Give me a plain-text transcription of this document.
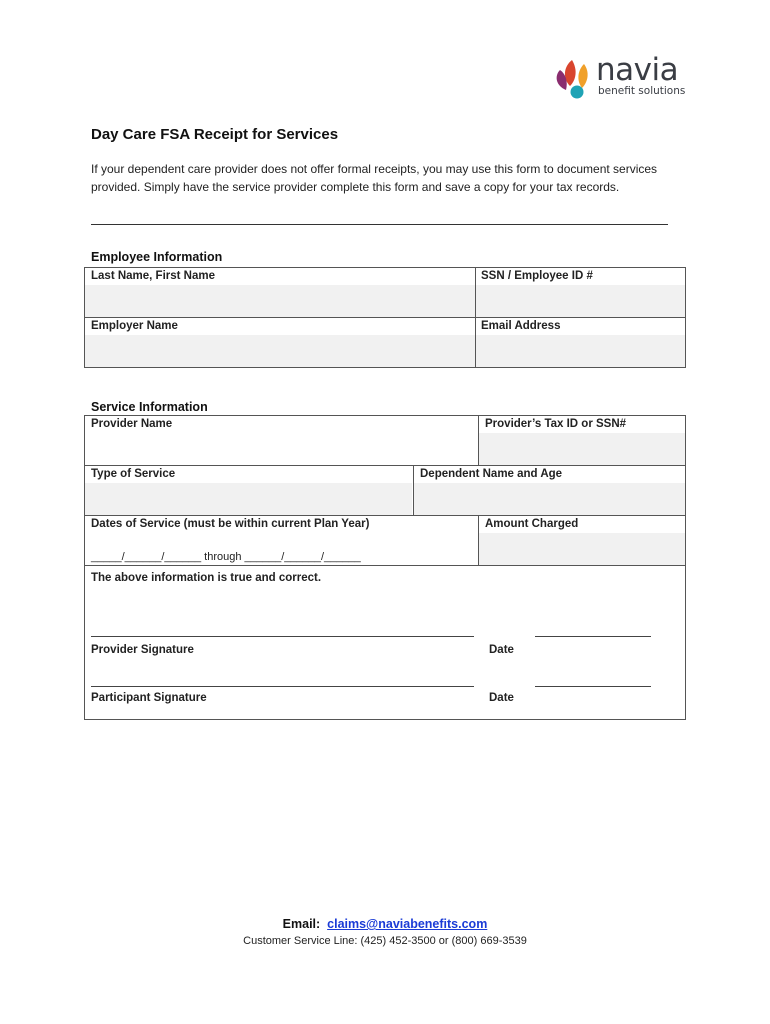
navia
benefit solutions
Day Care FSA Receipt for Services
If your dependent care provider does not offer formal receipts, you may use this form to document services provided. Simply have the service provider complete this form and save a copy for your tax records.
Employee Information
Last Name, First Name	SSN / Employee ID #
Employer Name	Email Address
Service Information
Provider Name	Provider’s Tax ID or SSN#
Type of Service	Dependent Name and Age
Dates of Service (must be within current Plan Year)	Amount Charged
_____/______/______ through ______/______/______
The above information is true and correct.
Provider Signature	Date
Participant Signature	Date
Email: claims@naviabenefits.com
Customer Service Line: (425) 452-3500 or (800) 669-3539
